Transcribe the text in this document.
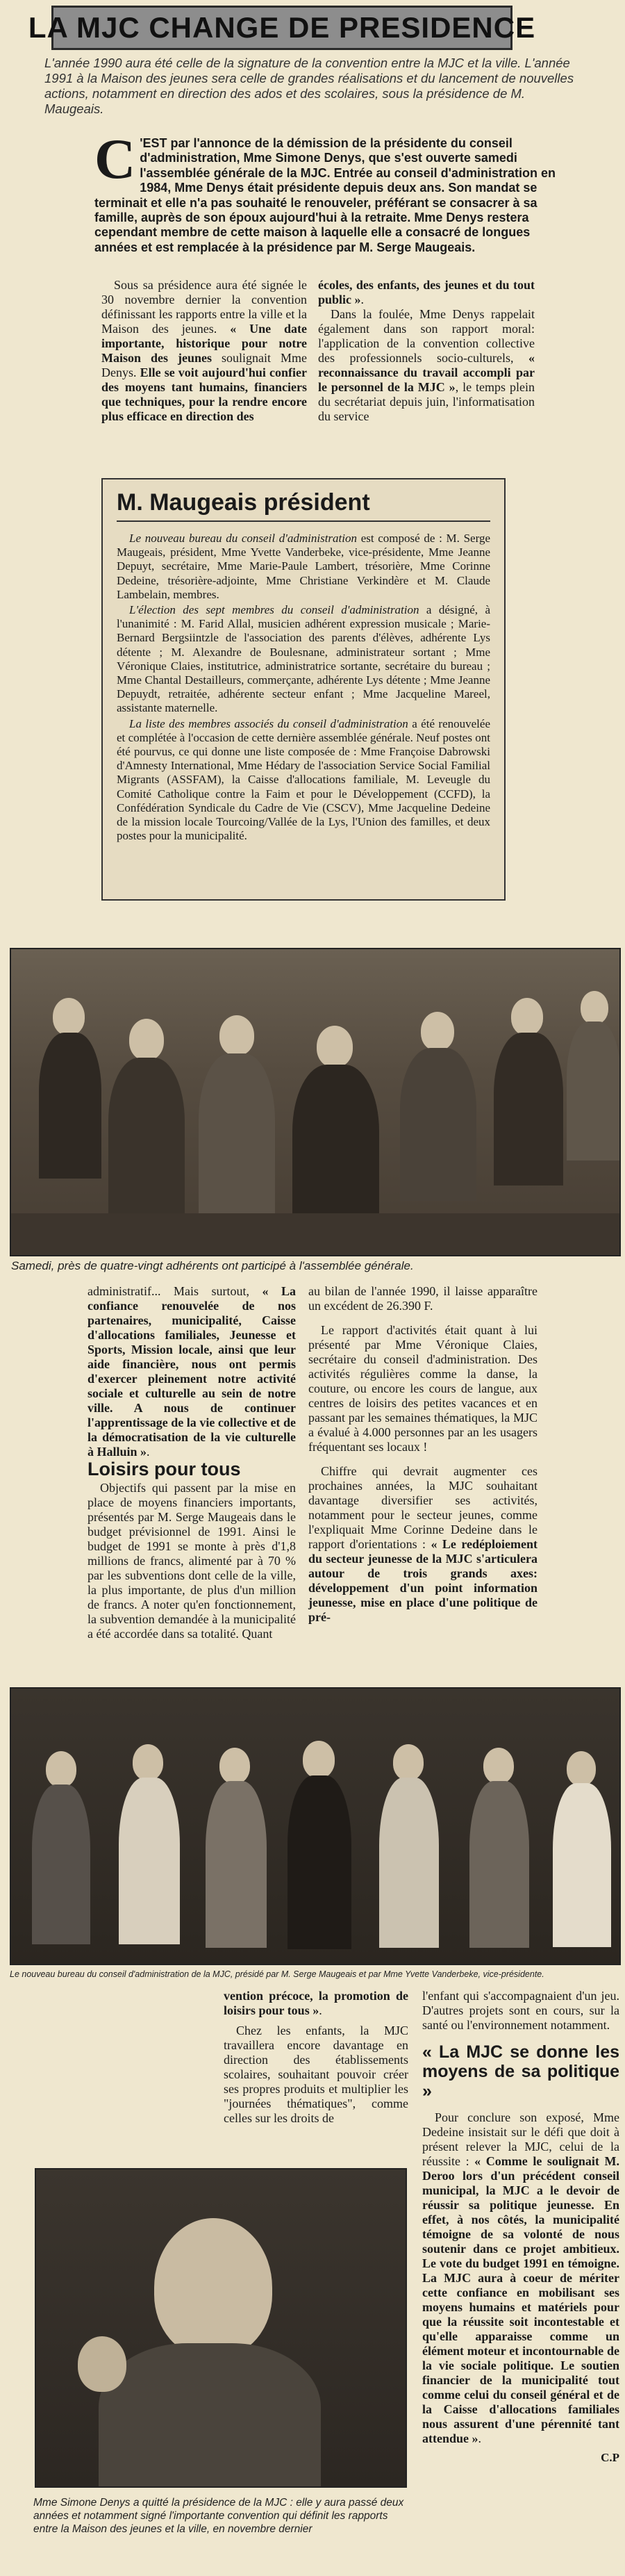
LA MJC CHANGE DE PRESIDENCE
L'année 1990 aura été celle de la signature de la convention entre la MJC et la ville. L'année 1991 à la Maison des jeunes sera celle de grandes réalisations et du lancement de nouvelles actions, notamment en direction des ados et des scolaires, sous la présidence de M. Maugeais.
C 'EST par l'annonce de la démission de la présidente du conseil d'administration, Mme Simone Denys, que s'est ouverte samedi l'assemblée générale de la MJC. Entrée au conseil d'administration en 1984, Mme Denys était présidente depuis deux ans. Son mandat se terminait et elle n'a pas souhaité le renouveler, préférant se consacrer à sa famille, auprès de son époux aujourd'hui à la retraite. Mme Denys restera cependant membre de cette maison à laquelle elle a consacré de longues années et est remplacée à la présidence par M. Serge Maugeais.

Sous sa présidence aura été signée le 30 novembre dernier la convention définissant les rapports entre la ville et la Maison des jeunes. « Une date importante, historique pour notre Maison des jeunes soulignait Mme Denys. Elle se voit aujourd'hui confier des moyens tant humains, financiers que techniques, pour la rendre encore plus efficace en direction des

écoles, des enfants, des jeunes et du tout public ».

Dans la foulée, Mme Denys rappelait également dans son rapport moral: l'application de la convention collective des professionnels socio-culturels, « reconnaissance du travail accompli par le personnel de la MJC », le temps plein du secrétariat depuis juin, l'informatisation du service

M. Maugeais président

Le nouveau bureau du conseil d'administration est composé de : M. Serge Maugeais, président, Mme Yvette Vanderbeke, vice-présidente, Mme Jeanne Depuyt, secrétaire, Mme Marie-Paule Lambert, trésorière, Mme Corinne Dedeine, trésorière-adjointe, Mme Christiane Verkindère et M. Claude Lambelain, membres.

L'élection des sept membres du conseil d'administration a désigné, à l'unanimité : M. Farid Allal, musicien adhérent expression musicale ; Marie-Bernard Bergsiintzle de l'association des parents d'élèves, adhérente Lys détente ; M. Alexandre de Boulesnane, administrateur sortant ; Mme Véronique Claies, institutrice, administratrice sortante, secrétaire du bureau ; Mme Chantal Destailleurs, commerçante, adhérente Lys détente ; Mme Jeanne Depuydt, retraitée, adhérente secteur enfant ; Mme Jacqueline Mareel, assistante maternelle.

La liste des membres associés du conseil d'administration a été renouvelée et complétée à l'occasion de cette dernière assemblée générale. Neuf postes ont été pourvus, ce qui donne une liste composée de : Mme Françoise Dabrowski d'Amnesty International, Mme Hédary de l'association Service Social Familial Migrants (ASSFAM), la Caisse d'allocations familiale, M. Leveugle du Comité Catholique contre la Faim et pour le Développement (CCFD), la Confédération Syndicale du Cadre de Vie (CSCV), Mme Jacqueline Dedeine de la mission locale Tourcoing/Vallée de la Lys, l'Union des familles, et deux postes pour la municipalité.

Samedi, près de quatre-vingt adhérents ont participé à l'assemblée générale.

administratif... Mais surtout, « La confiance renouvelée de nos partenaires, municipalité, Caisse d'allocations familiales, Jeunesse et Sports, Mission locale, ainsi que leur aide financière, nous ont permis d'exercer pleinement notre activité sociale et culturelle au sein de notre ville. A nous de continuer l'apprentissage de la vie collective et de la démocratisation de la vie culturelle à Halluin ».

Loisirs pour tous

Objectifs qui passent par la mise en place de moyens financiers importants, présentés par M. Serge Maugeais dans le budget prévisionnel de 1991. Ainsi le budget de 1991 se monte à près d'1,8 millions de francs, alimenté par à 70 % par les subventions dont celle de la ville, la plus importante, de plus d'un million de francs. A noter qu'en fonctionnement, la subvention demandée à la municipalité a été accordée dans sa totalité. Quant

au bilan de l'année 1990, il laisse apparaître un excédent de 26.390 F.

Le rapport d'activités était quant à lui présenté par Mme Véronique Claies, secrétaire du conseil d'administration. Des activités régulières comme la danse, la couture, ou encore les cours de langue, aux centres de loisirs des petites vacances et en passant par les semaines thématiques, la MJC a évalué à 4.000 personnes par an les usagers fréquentant ses locaux !

Chiffre qui devrait augmenter ces prochaines années, la MJC souhaitant davantage diversifier ses activités, notamment pour le secteur jeunes, comme l'expliquait Mme Corinne Dedeine dans le rapport d'orientations : « Le redéploiement du secteur jeunesse de la MJC s'articulera autour de trois grands axes: développement d'un point information jeunesse, mise en place d'une politique de pré-

Le nouveau bureau du conseil d'administration de la MJC, présidé par M. Serge Maugeais et par Mme Yvette Vanderbeke, vice-présidente.

vention précoce, la promotion de loisirs pour tous ».

Chez les enfants, la MJC travaillera encore davantage en direction des établissements scolaires, souhaitant pouvoir créer ses propres produits et multiplier les "journées thématiques", comme celles sur les droits de

l'enfant qui s'accompagnaient d'un jeu. D'autres projets sont en cours, sur la santé ou l'environnement notamment.

« La MJC se donne les moyens de sa politique »

Pour conclure son exposé, Mme Dedeine insistait sur le défi que doit à présent relever la MJC, celui de la réussite : « Comme le soulignait M. Deroo lors d'un précédent conseil municipal, la MJC a le devoir de réussir sa politique jeunesse. En effet, à nos côtés, la municipalité témoigne de sa volonté de nous soutenir dans ce projet ambitieux. Le vote du budget 1991 en témoigne. La MJC aura à coeur de mériter cette confiance en mobilisant ses moyens humains et matériels pour que la réussite soit incontestable et qu'elle apparaisse comme un élément moteur et incontournable de la vie sociale politique. Le soutien financier de la municipalité tout comme celui du conseil général et de la Caisse d'allocations familiales nous assurent d'une pérennité tant attendue ».

C.P
Mme Simone Denys a quitté la présidence de la MJC : elle y aura passé deux années et notamment signé l'importante convention qui définit les rapports entre la Maison des jeunes et la ville, en novembre dernier
